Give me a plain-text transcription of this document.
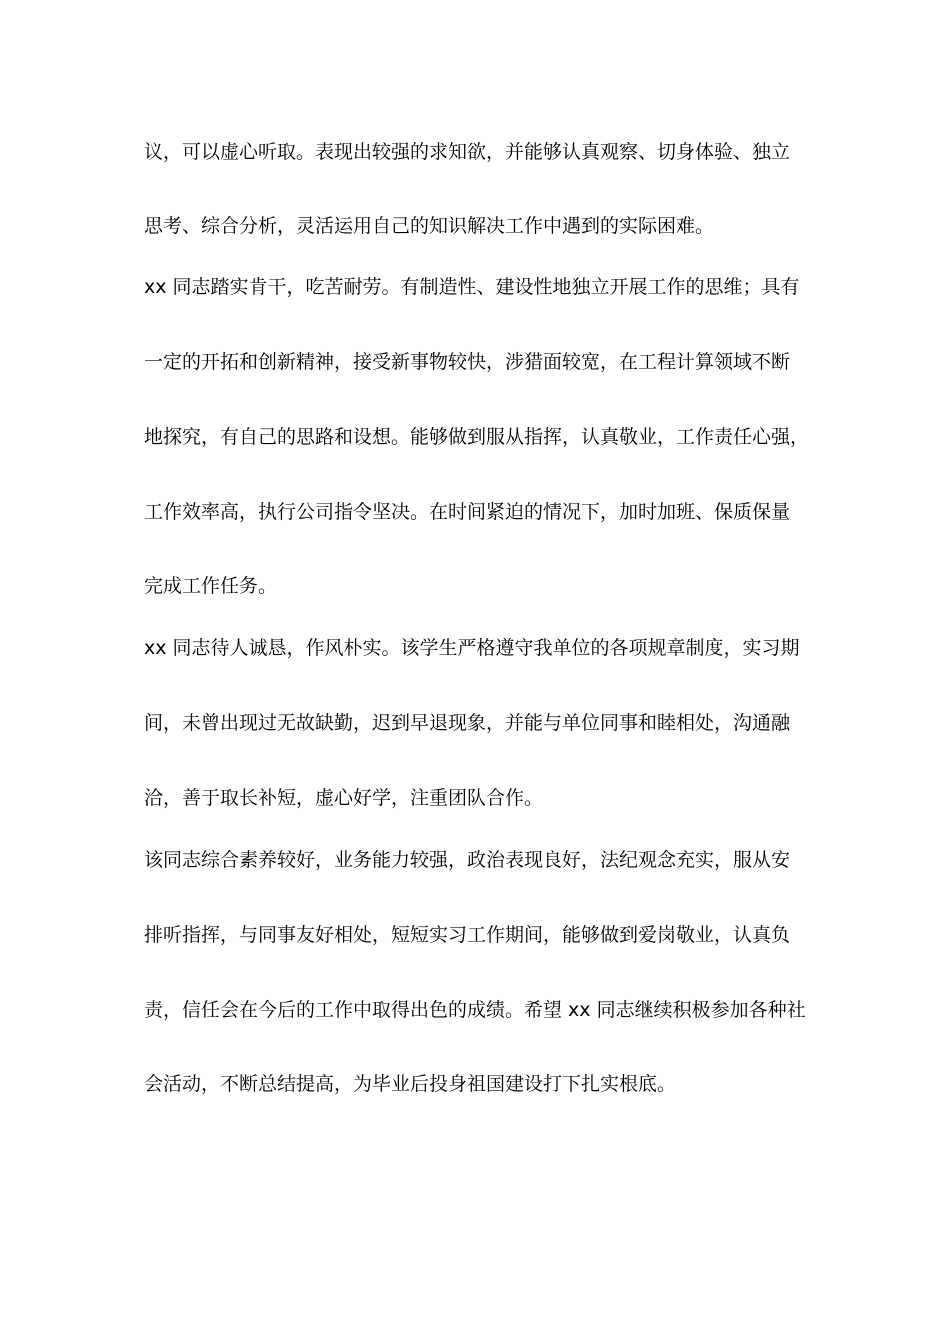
议，可以虚心听取。表现出较强的求知欲，并能够认真观察、切身体验、独立
思考、综合分析，灵活运用自己的知识解决工作中遇到的实际困难。
xx 同志踏实肯干，吃苦耐劳。有制造性、建设性地独立开展工作的思维；具有
一定的开拓和创新精神，接受新事物较快，涉猎面较宽，在工程计算领域不断
地探究，有自己的思路和设想。能够做到服从指挥，认真敬业，工作责任心强，
工作效率高，执行公司指令坚决。在时间紧迫的情况下，加时加班、保质保量
完成工作任务。
xx 同志待人诚恳，作风朴实。该学生严格遵守我单位的各项规章制度，实习期
间，未曾出现过无故缺勤，迟到早退现象，并能与单位同事和睦相处，沟通融
洽，善于取长补短，虚心好学，注重团队合作。
该同志综合素养较好，业务能力较强，政治表现良好，法纪观念充实，服从安
排听指挥，与同事友好相处，短短实习工作期间，能够做到爱岗敬业，认真负
责，信任会在今后的工作中取得出色的成绩。希望 xx 同志继续积极参加各种社
会活动，不断总结提高，为毕业后投身祖国建设打下扎实根底。
